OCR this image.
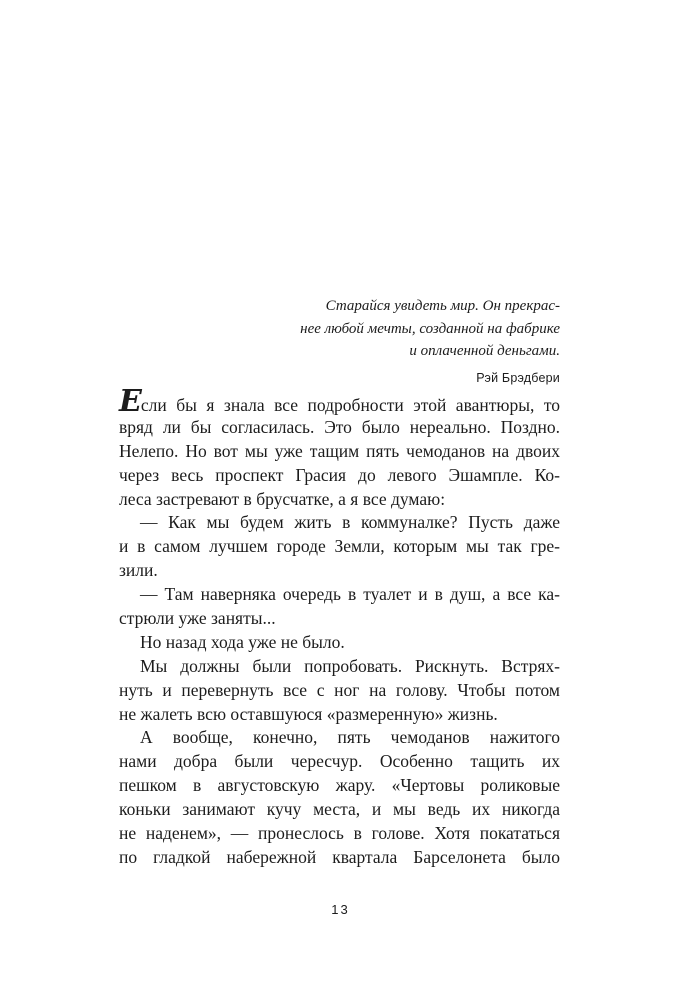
Старайся увидеть мир. Он прекрас-
нее любой мечты, созданной на фабрике
и оплаченной деньгами.
Рэй Брэдбери
Если бы я знала все подробности этой авантюры, то
вряд ли бы согласилась. Это было нереально. Поздно.
Нелепо. Но вот мы уже тащим пять чемоданов на двоих
через весь проспект Грасия до левого Эшампле. Ко-
леса застревают в брусчатке, а я все думаю:
— Как мы будем жить в коммуналке? Пусть даже
и в самом лучшем городе Земли, которым мы так гре-
зили.
— Там наверняка очередь в туалет и в душ, а все ка-
стрюли уже заняты...
Но назад хода уже не было.
Мы должны были попробовать. Рискнуть. Встрях-
нуть и перевернуть все с ног на голову. Чтобы потом
не жалеть всю оставшуюся «размеренную» жизнь.
А вообще, конечно, пять чемоданов нажитого
нами добра были чересчур. Особенно тащить их
пешком в августовскую жару. «Чертовы роликовые
коньки занимают кучу места, и мы ведь их никогда
не наденем», — пронеслось в голове. Хотя покататься
по гладкой набережной квартала Барселонета было
13
